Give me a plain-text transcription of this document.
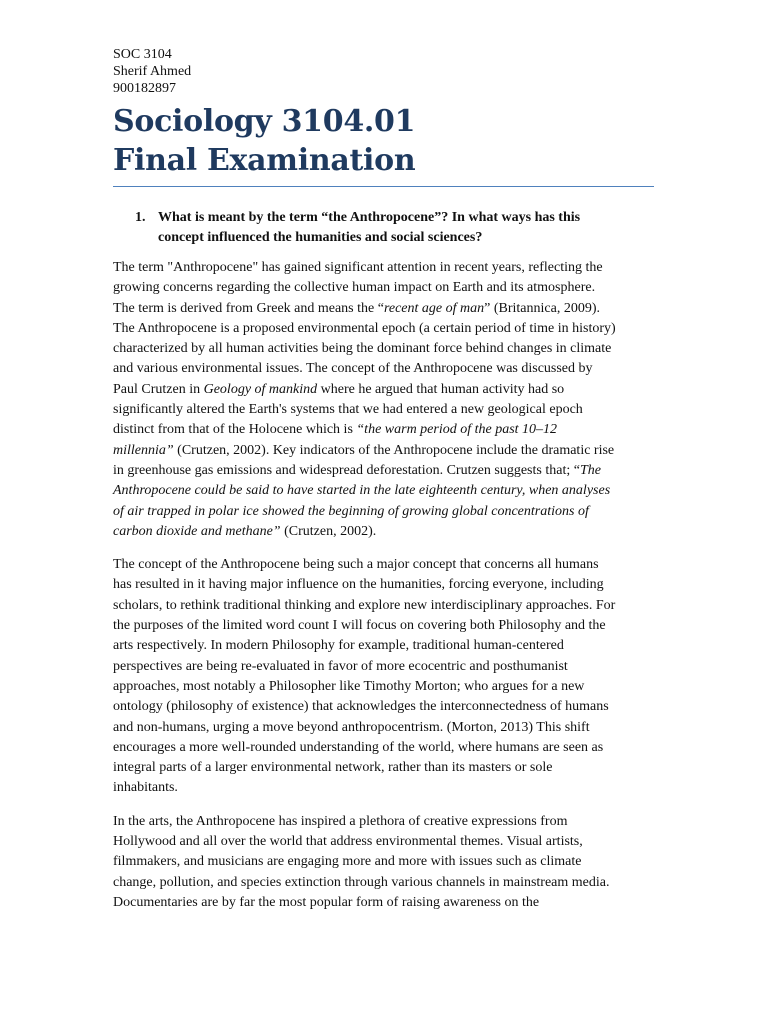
SOC 3104
Sherif Ahmed
900182897
Sociology 3104.01
Final Examination
1. What is meant by the term “the Anthropocene”? In what ways has this
concept influenced the humanities and social sciences?

The term "Anthropocene" has gained significant attention in recent years, reflecting the
growing concerns regarding the collective human impact on Earth and its atmosphere.
The term is derived from Greek and means the “recent age of man” (Britannica, 2009).
The Anthropocene is a proposed environmental epoch (a certain period of time in history)
characterized by all human activities being the dominant force behind changes in climate
and various environmental issues. The concept of the Anthropocene was discussed by
Paul Crutzen in Geology of mankind where he argued that human activity had so
significantly altered the Earth's systems that we had entered a new geological epoch
distinct from that of the Holocene which is “the warm period of the past 10–12
millennia” (Crutzen, 2002). Key indicators of the Anthropocene include the dramatic rise
in greenhouse gas emissions and widespread deforestation. Crutzen suggests that; “The
Anthropocene could be said to have started in the late eighteenth century, when analyses
of air trapped in polar ice showed the beginning of growing global concentrations of
carbon dioxide and methane” (Crutzen, 2002).

The concept of the Anthropocene being such a major concept that concerns all humans
has resulted in it having major influence on the humanities, forcing everyone, including
scholars, to rethink traditional thinking and explore new interdisciplinary approaches. For
the purposes of the limited word count I will focus on covering both Philosophy and the
arts respectively. In modern Philosophy for example, traditional human-centered
perspectives are being re-evaluated in favor of more ecocentric and posthumanist
approaches, most notably a Philosopher like Timothy Morton; who argues for a new
ontology (philosophy of existence) that acknowledges the interconnectedness of humans
and non-humans, urging a move beyond anthropocentrism. (Morton, 2013) This shift
encourages a more well-rounded understanding of the world, where humans are seen as
integral parts of a larger environmental network, rather than its masters or sole
inhabitants.

In the arts, the Anthropocene has inspired a plethora of creative expressions from
Hollywood and all over the world that address environmental themes. Visual artists,
filmmakers, and musicians are engaging more and more with issues such as climate
change, pollution, and species extinction through various channels in mainstream media.
Documentaries are by far the most popular form of raising awareness on the
